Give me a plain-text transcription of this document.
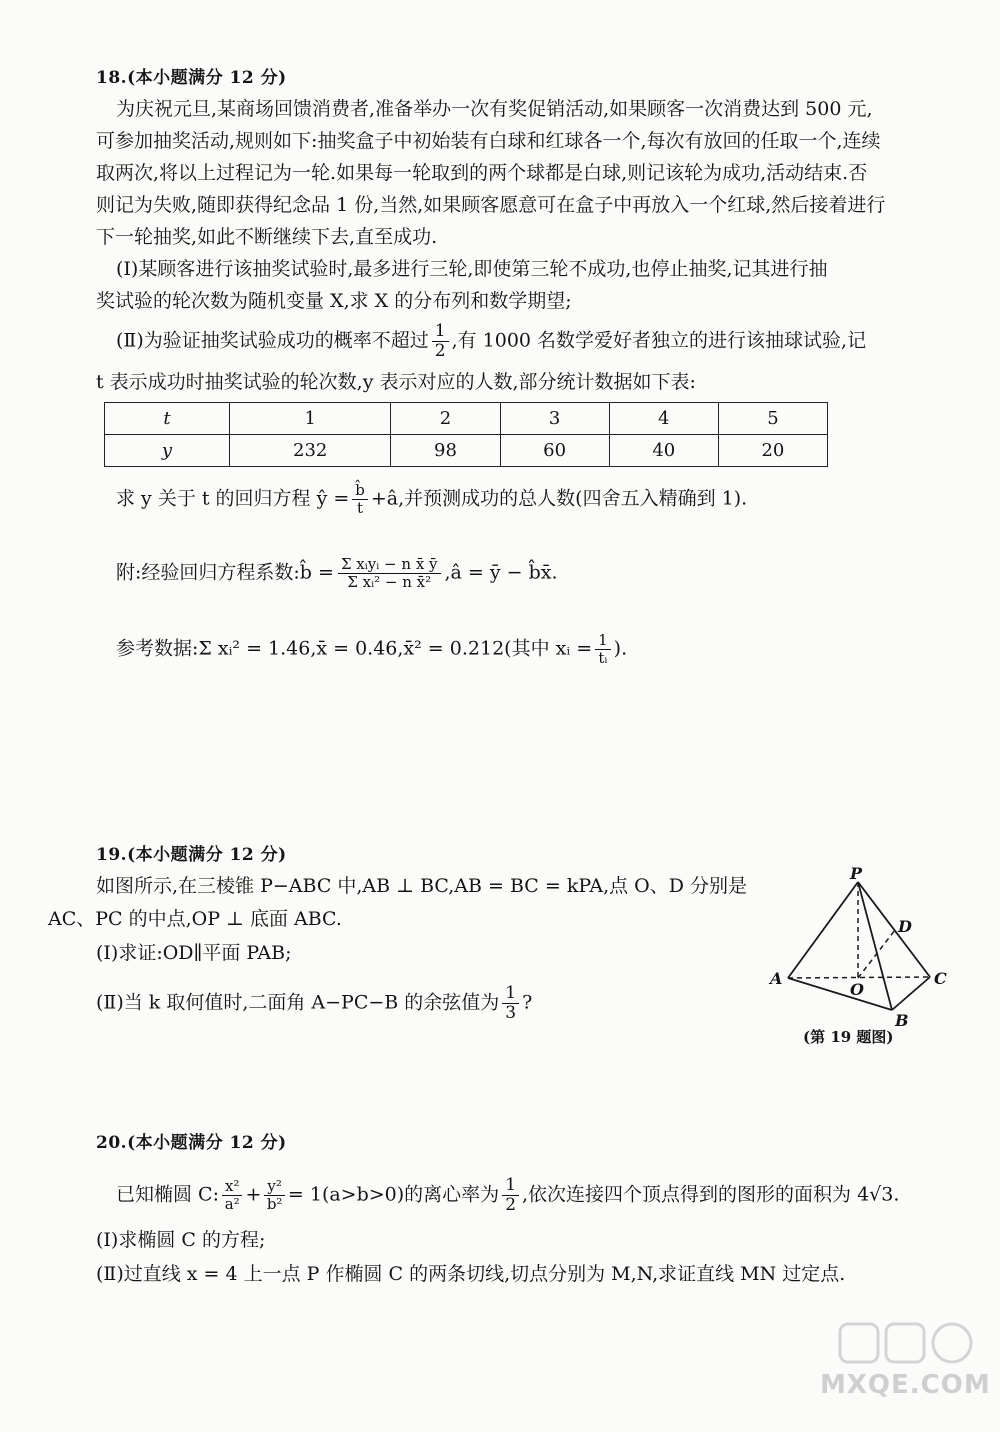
18.(本小题满分 12 分)
为庆祝元旦,某商场回馈消费者,准备举办一次有奖促销活动,如果顾客一次消费达到 500 元,
可参加抽奖活动,规则如下:抽奖盒子中初始装有白球和红球各一个,每次有放回的任取一个,连续
取两次,将以上过程记为一轮.如果每一轮取到的两个球都是白球,则记该轮为成功,活动结束.否
则记为失败,随即获得纪念品 1 份,当然,如果顾客愿意可在盒子中再放入一个红球,然后接着进行
下一轮抽奖,如此不断继续下去,直至成功.
(Ⅰ)某顾客进行该抽奖试验时,最多进行三轮,即使第三轮不成功,也停止抽奖,记其进行抽
奖试验的轮次数为随机变量 X,求 X 的分布列和数学期望;
(Ⅱ)为验证抽奖试验成功的概率不超过 $\frac{1}{2}$ ,有 1000 名数学爱好者独立的进行该抽球试验,记
t 表示成功时抽奖试验的轮次数,y 表示对应的人数,部分统计数据如下表:
t	1	2	3	4	5
y	232	98	60	40	20
求 y 关于 t 的回归方程 ŷ = $\frac{b̂}{t}$ +â,并预测成功的总人数(四舍五入精确到 1).
附:经验回归方程系数:b̂ = $\frac{\text{Σ xᵢyᵢ − n x̄ ȳ}}{\text{Σ xᵢ² − n x̄²}}$ ,â = ȳ − b̂x̄.
参考数据:Σ xᵢ² = 1.46,x̄ = 0.46,x̄² = 0.212(其中 xᵢ = $\frac{1}{\text{tᵢ}}$ ).
19.(本小题满分 12 分)
如图所示,在三棱锥 P−ABC 中,AB ⊥ BC,AB = BC = kPA,点 O、D 分别是
AC、PC 的中点,OP ⊥ 底面 ABC.
(Ⅰ)求证:OD∥平面 PAB;
(Ⅱ)当 k 取何值时,二面角 A−PC−B 的余弦值为 $\frac{1}{3}$ ?
P
D
A
O
C
B
(第 19 题图)
20.(本小题满分 12 分)
已知椭圆 C: $\frac{\text{x²}}{\text{a²}} + \frac{\text{y²}}{\text{b²}} = 1(a>b>0)$的离心率为 $\frac{1}{2}$ ,依次连接四个顶点得到的图形的面积为 4√3.
(Ⅰ)求椭圆 C 的方程;
(Ⅱ)过直线 x = 4 上一点 P 作椭圆 C 的两条切线,切点分别为 M,N,求证直线 MN 过定点.
MXQE.COM
